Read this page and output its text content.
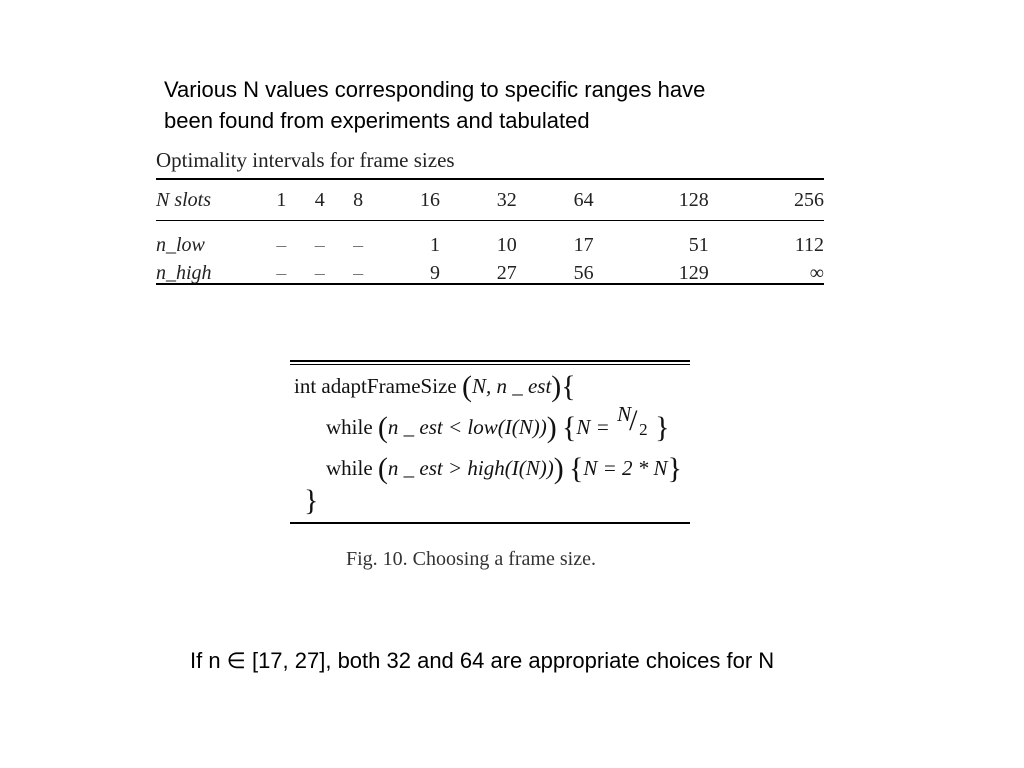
Various N values corresponding to specific ranges have
been found from experiments and tabulated
Optimality intervals for frame sizes
N slots	1	4	8	16	32	64	128	256

n_low	–	–	–	1	10	17	51	112
n_high	–	–	–	9	27	56	129	∞
int adaptFrameSize (N, n _ est){
while (n _ est < low(I(N))) {N =
N
/ 2 }
while (n _ est > high(I(N))) {N = 2 * N}
}
Fig. 10. Choosing a frame size.
If n ∈ [17, 27], both 32 and 64 are appropriate choices for N
